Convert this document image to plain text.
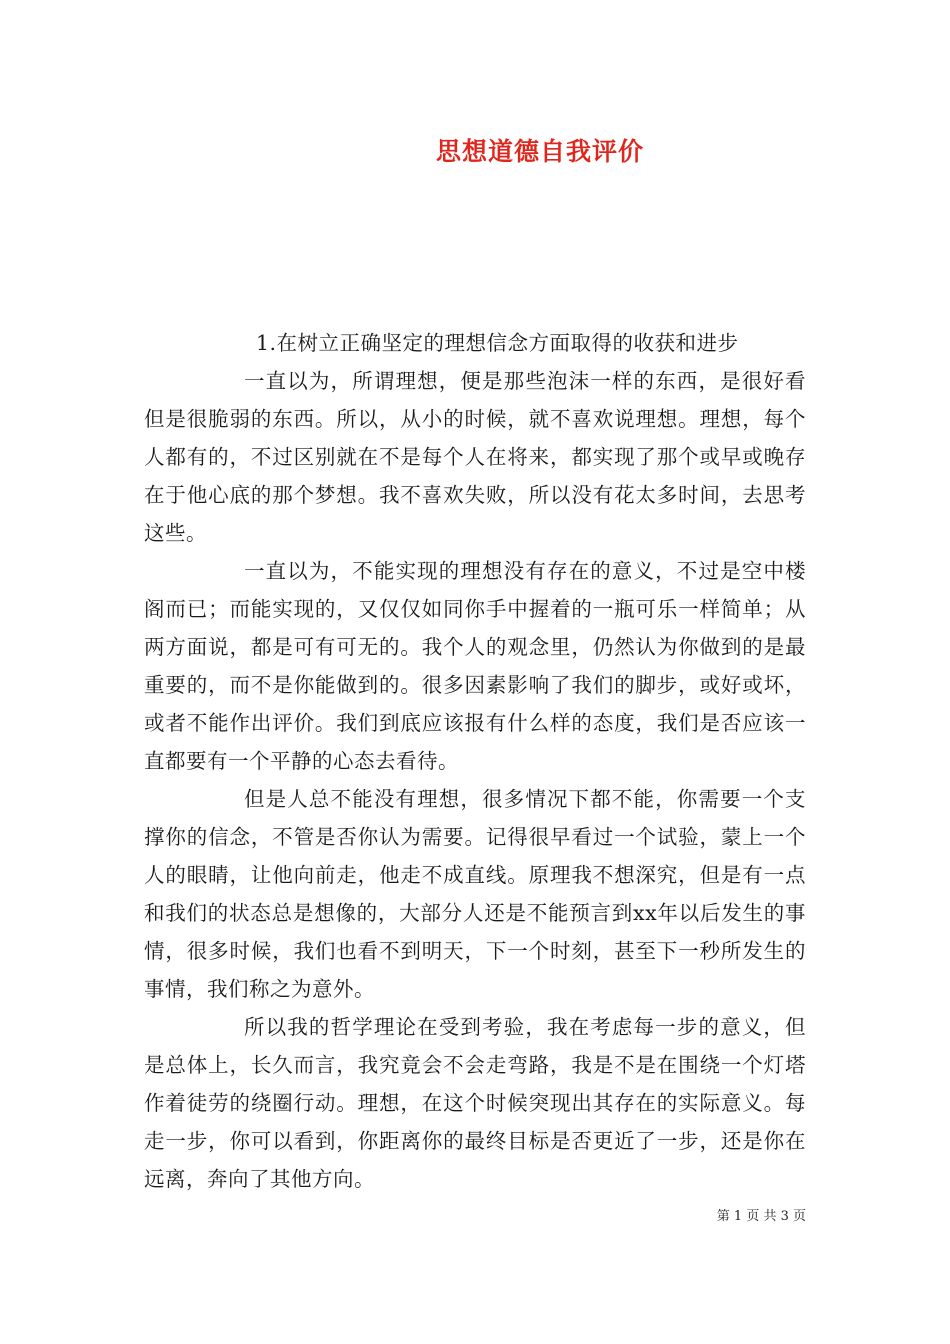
思想道德自我评价

1.在树立正确坚定的理想信念方面取得的收获和进步

一直以为，所谓理想，便是那些泡沫一样的东西，是很好看但是很脆弱的东西。所以，从小的时候，就不喜欢说理想。理想，每个人都有的，不过区别就在不是每个人在将来，都实现了那个或早或晚存在于他心底的那个梦想。我不喜欢失败，所以没有花太多时间，去思考这些。

一直以为，不能实现的理想没有存在的意义，不过是空中楼阁而已；而能实现的，又仅仅如同你手中握着的一瓶可乐一样简单；从两方面说，都是可有可无的。我个人的观念里，仍然认为你做到的是最重要的，而不是你能做到的。很多因素影响了我们的脚步，或好或坏，或者不能作出评价。我们到底应该报有什么样的态度，我们是否应该一直都要有一个平静的心态去看待。

但是人总不能没有理想，很多情况下都不能，你需要一个支撑你的信念，不管是否你认为需要。记得很早看过一个试验，蒙上一个人的眼睛，让他向前走，他走不成直线。原理我不想深究，但是有一点和我们的状态总是想像的，大部分人还是不能预言到xx年以后发生的事情，很多时候，我们也看不到明天，下一个时刻，甚至下一秒所发生的事情，我们称之为意外。

所以我的哲学理论在受到考验，我在考虑每一步的意义，但是总体上，长久而言，我究竟会不会走弯路，我是不是在围绕一个灯塔作着徒劳的绕圈行动。理想，在这个时候突现出其存在的实际意义。每走一步，你可以看到，你距离你的最终目标是否更近了一步，还是你在远离，奔向了其他方向。

第 1 页 共 3 页
